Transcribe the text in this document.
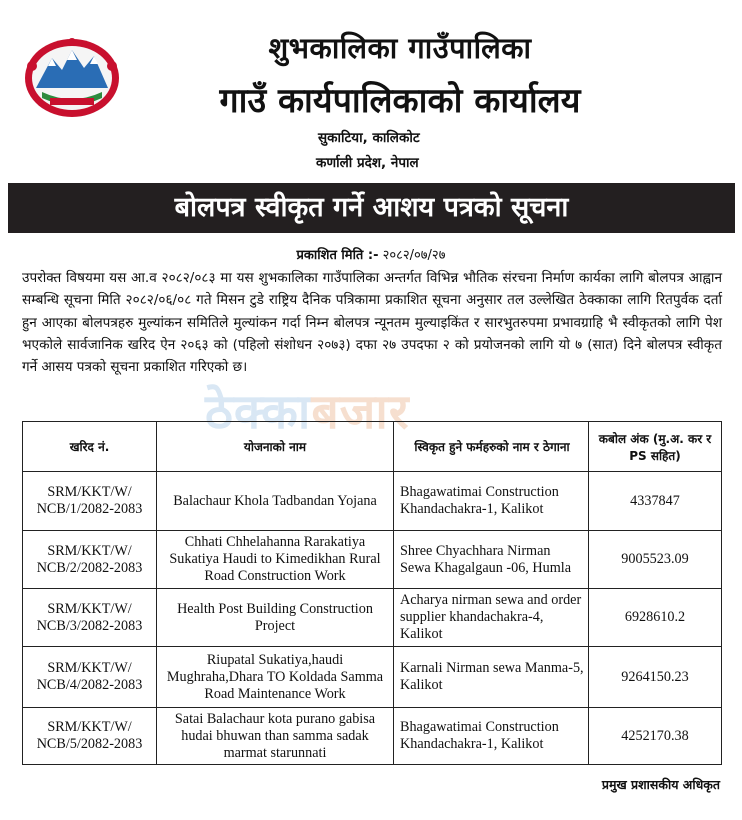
शुभकालिका गाउँपालिका
गाउँ कार्यपालिकाको कार्यालय
सुकाटिया, कालिकोट
कर्णाली प्रदेश, नेपाल
बोलपत्र स्वीकृत गर्ने आशय पत्रको सूचना
प्रकाशित मिति :- २०८२/०७/२७
उपरोक्त विषयमा यस आ.व २०८२/०८३ मा यस शुभकालिका गाउँपालिका अन्तर्गत विभिन्न भौतिक संरचना निर्माण कार्यका लागि बोलपत्र आह्वान सम्बन्धि सूचना मिति २०८२/०६/०८ गते मिसन टुडे राष्ट्रिय दैनिक पत्रिकामा प्रकाशित सूचना अनुसार तल उल्लेखित ठेक्काका लागि रितपुर्वक दर्ता हुन आएका बोलपत्रहरु मुल्यांकन समितिले मुल्यांकन गर्दा निम्न बोलपत्र न्यूनतम मुल्याइकिंत र सारभुतरुपमा प्रभावग्राहि भै स्वीकृतको लागि पेश भएकोले सार्वजानिक खरिद ऐन २०६३ को (पहिलो संशोधन २०७३) दफा २७ उपदफा २ को प्रयोजनको लागि यो ७ (सात) दिने बोलपत्र स्वीकृत गर्ने आसय पत्रको सूचना प्रकाशित गरिएको छ।
ठेक्काबजार
खरिद नं.	योजनाको नाम	स्विकृत हुने फर्महरुको नाम र ठेगाना	कबोल अंक (मु.अ. कर र PS सहित)
SRM/KKT/W/ NCB/1/2082-2083	Balachaur Khola Tadbandan Yojana	Bhagawatimai Construction Khandachakra-1, Kalikot	4337847
SRM/KKT/W/ NCB/2/2082-2083	Chhati Chhelahanna Rarakatiya Sukatiya Haudi to Kimedikhan Rural Road Construction Work	Shree Chyachhara Nirman Sewa Khagalgaun -06, Humla	9005523.09
SRM/KKT/W/ NCB/3/2082-2083	Health Post Building Construction Project	Acharya nirman sewa and order supplier khandachakra-4, Kalikot	6928610.2
SRM/KKT/W/ NCB/4/2082-2083	Riupatal Sukatiya,haudi Mughraha,Dhara TO Koldada Samma Road Maintenance Work	Karnali Nirman sewa Manma-5, Kalikot	9264150.23
SRM/KKT/W/ NCB/5/2082-2083	Satai Balachaur kota purano gabisa hudai bhuwan than samma sadak marmat starunnati	Bhagawatimai Construction Khandachakra-1, Kalikot	4252170.38
प्रमुख प्रशासकीय अधिकृत
